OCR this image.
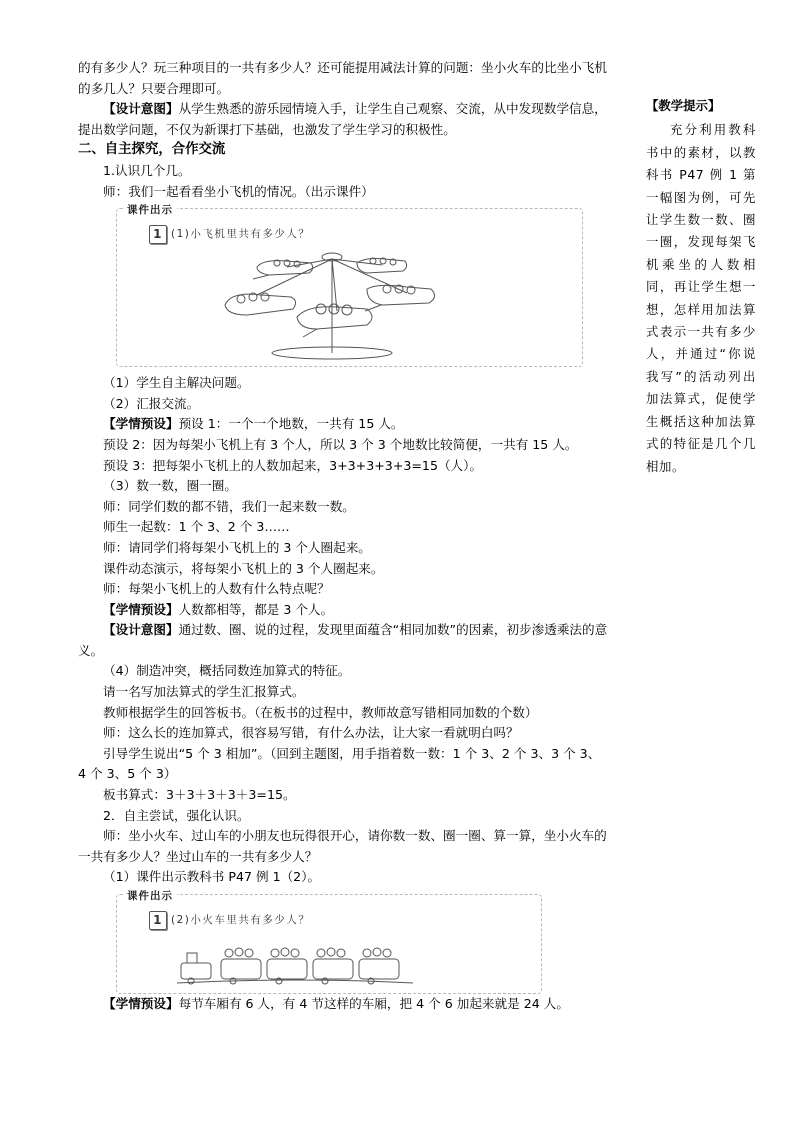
的有多少人？玩三种项目的一共有多少人？还可能提用减法计算的问题：坐小火车的比坐小飞机的多几人？只要合理即可。

【设计意图】从学生熟悉的游乐园情境入手，让学生自己观察、交流，从中发现数学信息，提出数学问题，不仅为新课打下基础，也激发了学生学习的积极性。

二、自主探究，合作交流

1.认识几个几。

师：我们一起看看坐小飞机的情况。（出示课件）

课件出示
1 (1)小飞机里共有多少人？

（1）学生自主解决问题。

（2）汇报交流。

【学情预设】预设 1：一个一个地数，一共有 15 人。

预设 2：因为每架小飞机上有 3 个人，所以 3 个 3 个地数比较简便，一共有 15 人。

预设 3：把每架小飞机上的人数加起来，3+3+3+3+3=15（人）。

（3）数一数，圈一圈。

师：同学们数的都不错，我们一起来数一数。

师生一起数：1 个 3、2 个 3……

师：请同学们将每架小飞机上的 3 个人圈起来。

课件动态演示，将每架小飞机上的 3 个人圈起来。

师：每架小飞机上的人数有什么特点呢？

【学情预设】人数都相等，都是 3 个人。

【设计意图】通过数、圈、说的过程，发现里面蕴含“相同加数”的因素，初步渗透乘法的意义。

（4）制造冲突，概括同数连加算式的特征。

请一名写加法算式的学生汇报算式。

教师根据学生的回答板书。（在板书的过程中，教师故意写错相同加数的个数）

师：这么长的连加算式，很容易写错，有什么办法，让大家一看就明白吗？

引导学生说出“5 个 3 相加”。（回到主题图，用手指着数一数：1 个 3、2 个 3、3 个 3、4 个 3、5 个 3）

板书算式：3＋3＋3＋3＋3=15。

2．自主尝试，强化认识。

师：坐小火车、过山车的小朋友也玩得很开心，请你数一数、圈一圈、算一算，坐小火车的一共有多少人？坐过山车的一共有多少人？

（1）课件出示教科书 P47 例 1（2）。

课件出示
1 (2)小火车里共有多少人？

【学情预设】每节车厢有 6 人，有 4 节这样的车厢，把 4 个 6 加起来就是 24 人。

【教学提示】
充分利用教科书中的素材，以教科书 P47 例 1 第一幅图为例，可先让学生数一数、圈一圈，发现每架飞机乘坐的人数相同，再让学生想一想，怎样用加法算式表示一共有多少人，并通过“你说我写”的活动列出加法算式，促使学生概括这种加法算式的特征是几个几相加。
